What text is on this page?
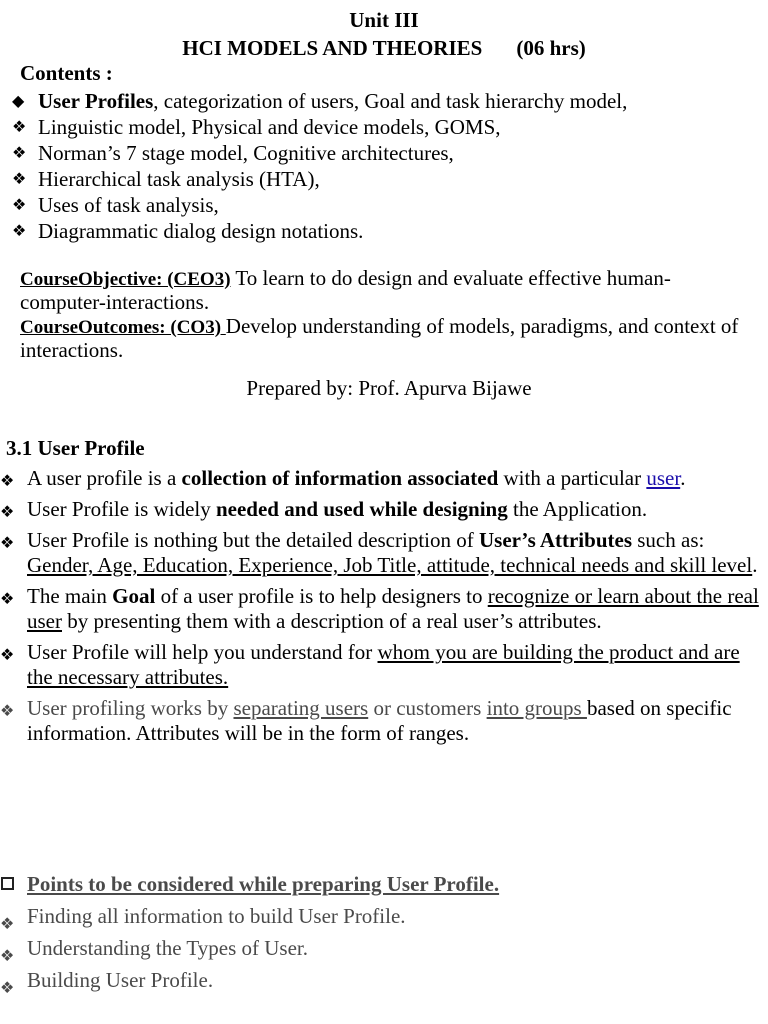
Unit III
HCI MODELS AND THEORIES (06 hrs)
Contents :
◆ User Profiles, categorization of users, Goal and task hierarchy model,
❖ Linguistic model, Physical and device models, GOMS,
❖ Norman’s 7 stage model, Cognitive architectures,
❖ Hierarchical task analysis (HTA),
❖ Uses of task analysis,
❖ Diagrammatic dialog design notations.
CourseObjective: (CEO3) To learn to do design and evaluate effective human-computer-interactions.
CourseOutcomes: (CO3) Develop understanding of models, paradigms, and context of interactions.
Prepared by: Prof. Apurva Bijawe
3.1 User Profile
❖ A user profile is a collection of information associated with a particular user.
❖ User Profile is widely needed and used while designing the Application.
❖ User Profile is nothing but the detailed description of User’s Attributes such as: Gender, Age, Education, Experience, Job Title, attitude, technical needs and skill level.
❖ The main Goal of a user profile is to help designers to recognize or learn about the real user by presenting them with a description of a real user’s attributes.
❖ User Profile will help you understand for whom you are building the product and are the necessary attributes.
❖ User profiling works by separating users or customers into groups based on specific information. Attributes will be in the form of ranges.
Points to be considered while preparing User Profile.
❖ Finding all information to build User Profile.
❖ Understanding the Types of User.
❖ Building User Profile.
